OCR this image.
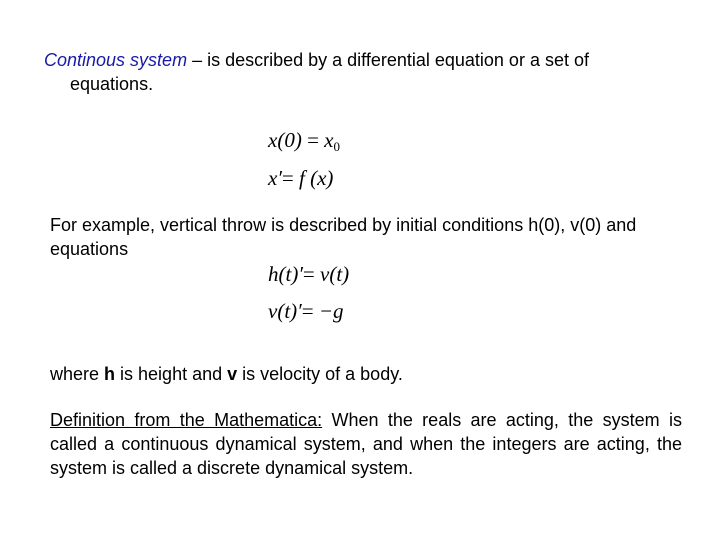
Continous system – is described by a differential equation or a set of
equations.

$x(0) = x_0$
x′= f (x)

For example, vertical throw is described by initial conditions h(0), v(0) and equations

h(t)′= v(t)
v(t)′= −g

where h is height and v is velocity of a body.

Definition from the Mathematica: When the reals are acting, the system is called a continuous dynamical system, and when the integers are acting, the system is called a discrete dynamical system.
